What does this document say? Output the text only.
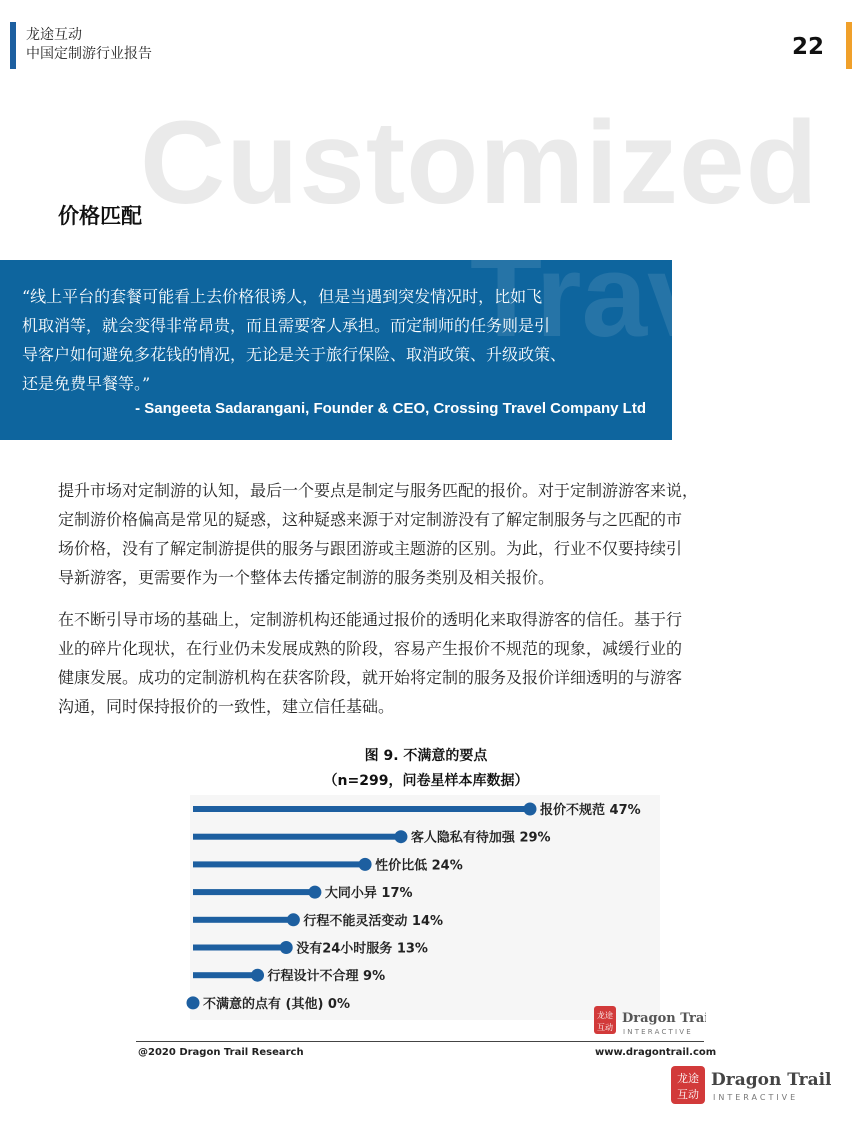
龙途互动
中国定制游行业报告	22
Customized
价格匹配
Travel
“线上平台的套餐可能看上去价格很诱人，但是当遇到突发情况时，比如飞
机取消等，就会变得非常昂贵，而且需要客人承担。而定制师的任务则是引
导客户如何避免多花钱的情况，无论是关于旅行保险、取消政策、升级政策、
还是免费早餐等。”
- Sangeeta Sadarangani, Founder & CEO, Crossing Travel Company Ltd
提升市场对定制游的认知，最后一个要点是制定与服务匹配的报价。对于定制游游客来说，
定制游价格偏高是常见的疑惑，这种疑惑来源于对定制游没有了解定制服务与之匹配的市
场价格，没有了解定制游提供的服务与跟团游或主题游的区别。为此，行业不仅要持续引
导新游客，更需要作为一个整体去传播定制游的服务类别及相关报价。
在不断引导市场的基础上，定制游机构还能通过报价的透明化来取得游客的信任。基于行
业的碎片化现状，在行业仍未发展成熟的阶段，容易产生报价不规范的现象，减缓行业的
健康发展。成功的定制游机构在获客阶段，就开始将定制的服务及报价详细透明的与游客
沟通，同时保持报价的一致性，建立信任基础。
图 9. 不满意的要点
（n=299，问卷星样本库数据）
报价不规范 47%
客人隐私有待加强 29%
性价比低 24%
大同小异 17%
行程不能灵活变动 14%
没有24小时服务 13%
行程设计不合理 9%
不满意的点有 (其他) 0%
龙途
互动
Dragon Trail
INTERACTIVE
@2020 Dragon Trail Research	www.dragontrail.com
龙途
互动
Dragon Trail
INTERACTIVE
